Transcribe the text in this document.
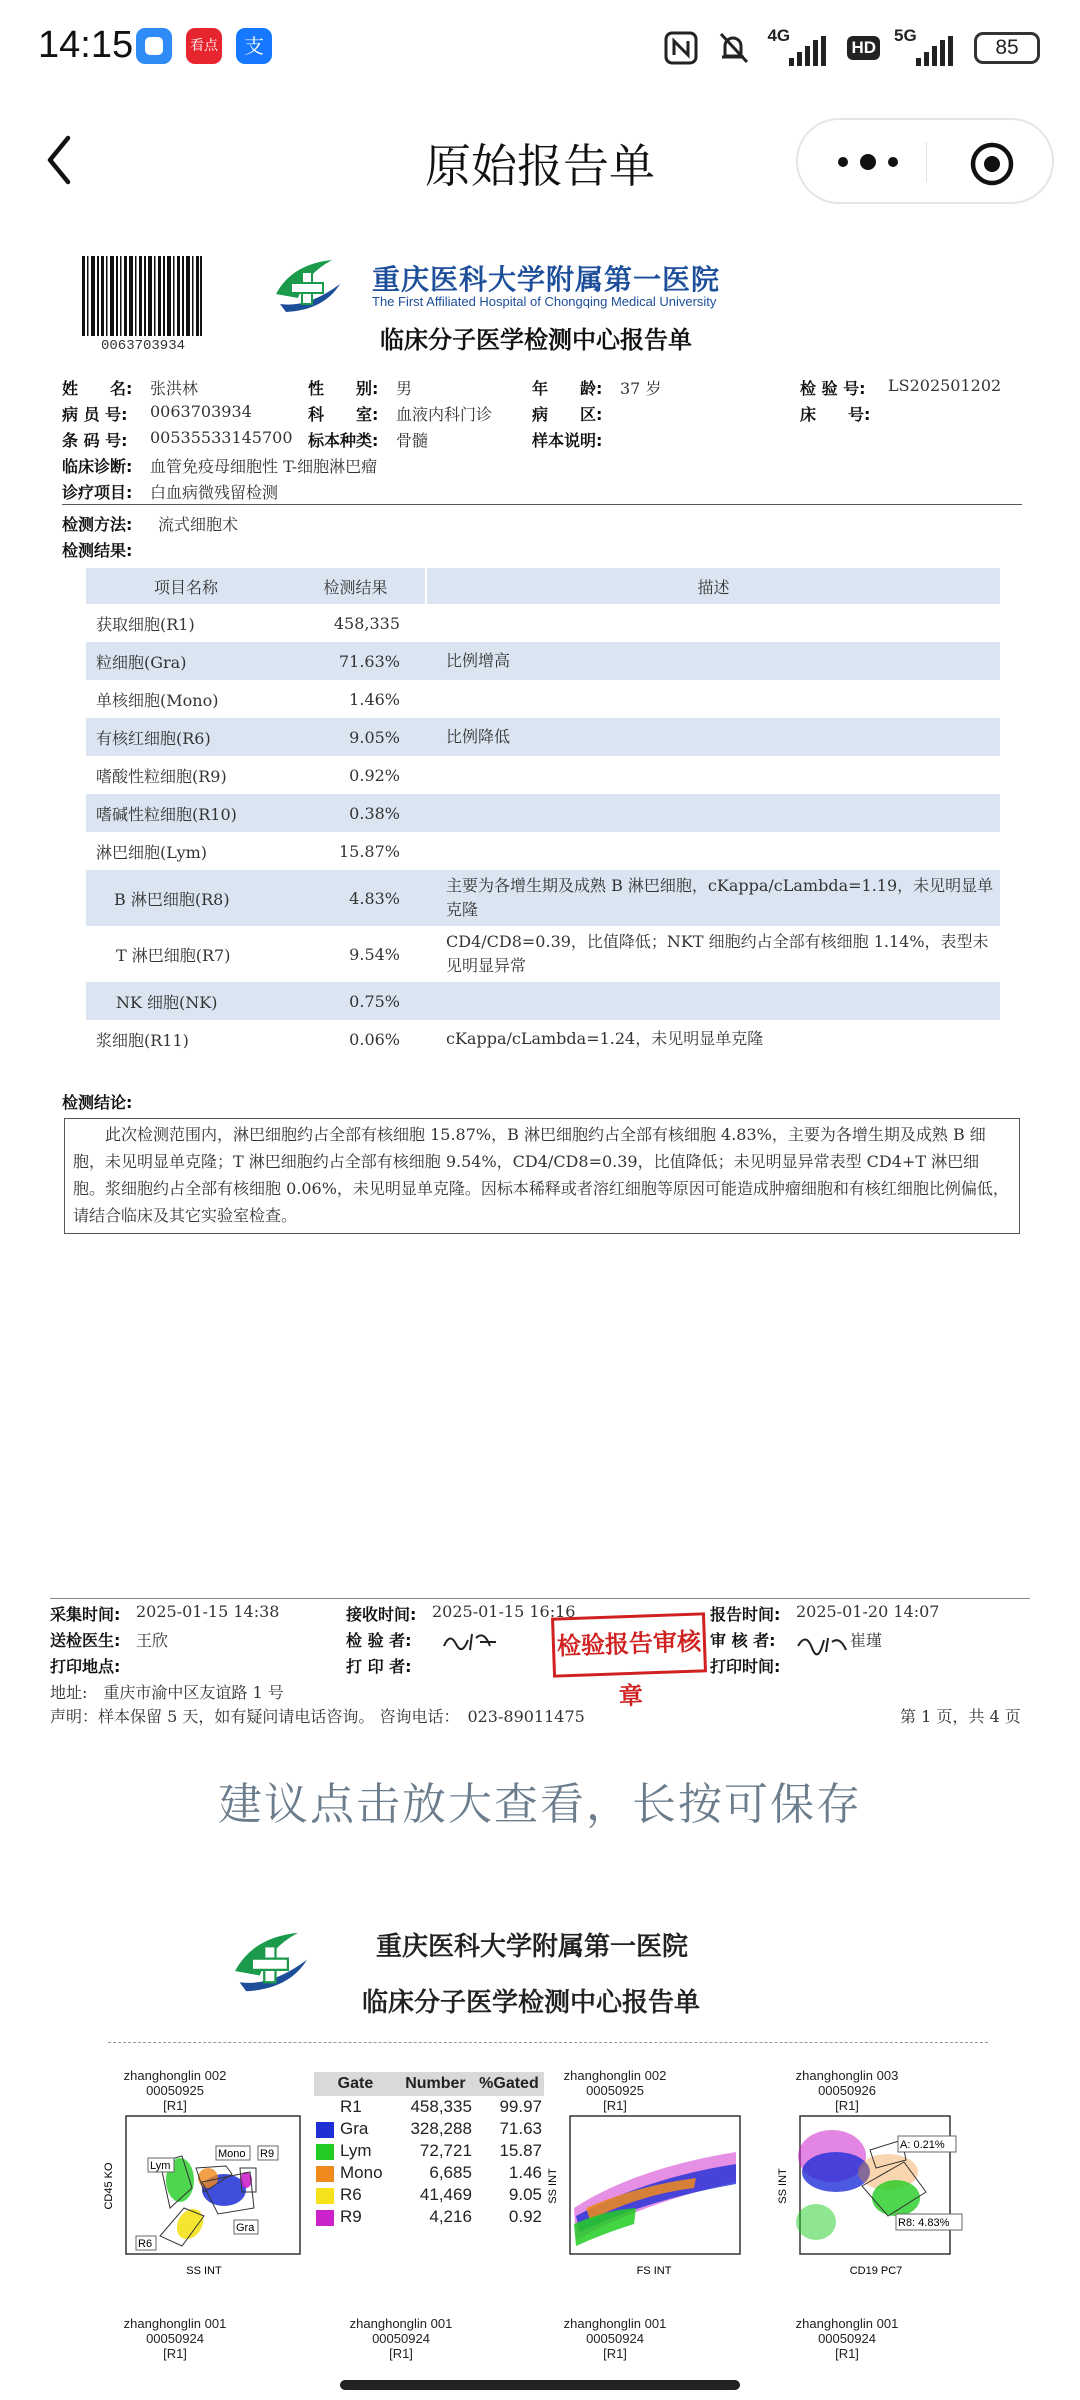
14:15	看点	支	4G
HD
5G
85
原始报告单
0063703934
重庆医科大学附属第一医院
The First Affiliated Hospital of Chongqing Medical University
临床分子医学检测中心报告单
姓　　名: 张洪林	性　　别: 男	年　　龄: 37 岁	检 验 号: LS202501202
病 员 号: 0063703934	科　　室: 血液内科门诊 病　　区:	床　　号:
条 码 号: 00535533145700 标本种类: 骨髓	样本说明:
临床诊断: 血管免疫母细胞性 T-细胞淋巴瘤
诊疗项目: 白血病微残留检测
检测方法: 流式细胞术
检测结果:
项目名称	检测结果	描述
获取细胞(R1)	458,335	
粒细胞(Gra)	71.63%	比例增高
单核细胞(Mono)	1.46%	
有核红细胞(R6)	9.05%	比例降低
嗜酸性粒细胞(R9)	0.92%	
嗜碱性粒细胞(R10)	0.38%	
淋巴细胞(Lym)	15.87%	
B 淋巴细胞(R8)	4.83%	主要为各增生期及成熟 B 淋巴细胞，cKappa/cLambda=1.19，未见明显单克隆
T 淋巴细胞(R7)	9.54%	CD4/CD8=0.39，比值降低；NKT 细胞约占全部有核细胞 1.14%，表型未见明显异常
NK 细胞(NK)	0.75%	
浆细胞(R11)	0.06%	cKappa/cLambda=1.24，未见明显单克隆
检测结论:
此次检测范围内，淋巴细胞约占全部有核细胞 15.87%，B 淋巴细胞约占全部有核细胞 4.83%，主要为各增生期及成熟 B 细胞，未见明显单克隆；T 淋巴细胞约占全部有核细胞 9.54%，CD4/CD8=0.39，比值降低；未见明显异常表型 CD4+T 淋巴细胞。浆细胞约占全部有核细胞 0.06%，未见明显单克隆。因标本稀释或者溶红细胞等原因可能造成肿瘤细胞和有核红细胞比例偏低，请结合临床及其它实验室检查。
采集时间: 2025-01-15 14:38	接收时间: 2025-01-15 16:16	报告时间: 2025-01-20 14:07
送检医生: 王欣	检 验 者:	审 核 者:	崔瑾
打印地点:	打 印 者:	打印时间:
地址:　重庆市渝中区友谊路 1 号
声明：样本保留 5 天，如有疑问请电话咨询。 咨询电话：　023-89011475	第 1 页，共 4 页
检验报告审核章
建议点击放大查看，长按可保存
重庆医科大学附属第一医院
临床分子医学检测中心报告单
zhanghonglin 002
00050925
[R1]
Lym
Mono R9
Gra
R6
SS INT
CD45 KO
Gate	Number	%Gated
R1	458,335	99.97
Gra	328,288	71.63
Lym	72,721	15.87
Mono	6,685	1.46
R6	41,469	9.05
R9	4,216	0.92
zhanghonglin 002
00050925
[R1]
FS INT
SS INT
zhanghonglin 003
00050926
[R1]
A: 0.21%
R8: 4.83%
CD19 PC7
SS INT
zhanghonglin 001
00050924
[R1]
zhanghonglin 001
00050924
[R1]
zhanghonglin 001
00050924
[R1]
zhanghonglin 001
00050924
[R1]
